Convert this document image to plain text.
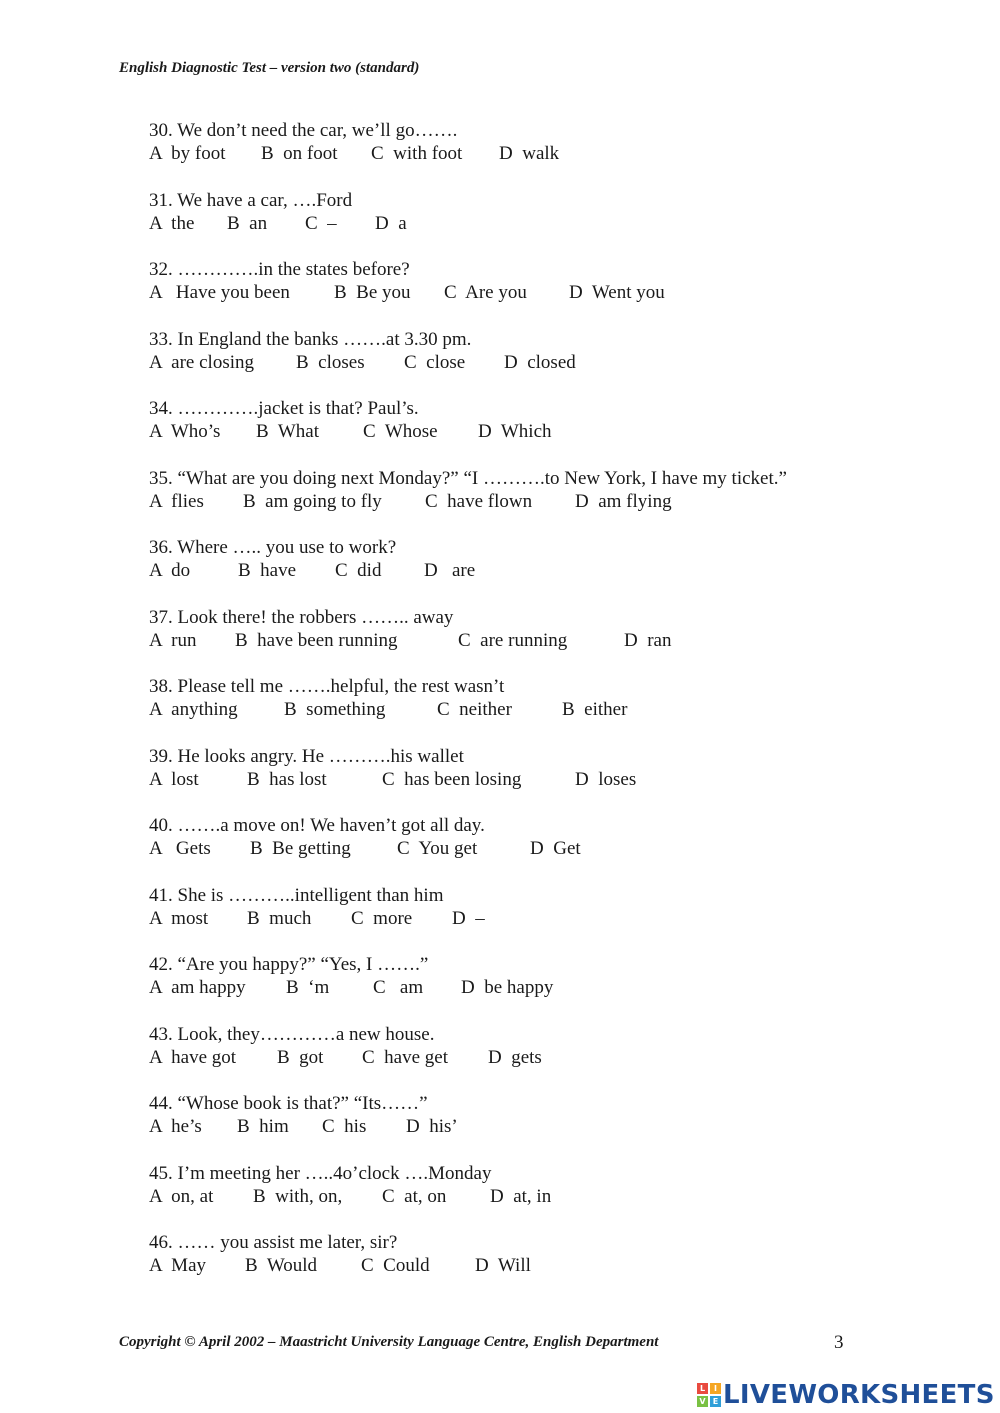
English Diagnostic Test – version two (standard)
30. We don’t need the car, we’ll go…….
A  by foot B  on foot C  with foot D  walk
31. We have a car, ….Ford
A  the B  an C  – D  a
32. ………….in the states before?
A   Have you been B  Be you C  Are you D  Went you
33. In England the banks …….at 3.30 pm.
A  are closing B  closes C  close D  closed
34. ………….jacket is that? Paul’s.
A  Who’s B  What C  Whose D  Which
35. “What are you doing next Monday?” “I ……….to New York, I have my ticket.”
A  flies B  am going to fly C  have flown D  am flying
36. Where ….. you use to work?
A  do	B  have C  did D   are
37. Look there! the robbers …….. away
A  run B  have been running	C  are running	D  ran
38. Please tell me …….helpful, the rest wasn’t
A  anything B  something	C  neither	B  either
39. He looks angry. He ……….his wallet
A  lost	B  has lost	C  has been losing	D  loses
40. …….a move on! We haven’t got all day.
A   Gets B  Be getting C  You get	D  Get
41. She is ………..intelligent than him
A  most B  much C  more D  –
42. “Are you happy?” “Yes, I …….”
A  am happy B  ‘m C   am D  be happy
43. Look, they…………a new house.
A  have got B  got C  have get D  gets
44. “Whose book is that?” “Its……”
A  he’s B  him C  his D  his’
45. I’m meeting her …..4o’clock ….Monday
A  on, at B  with, on, C  at, on D  at, in
46. …… you assist me later, sir?
A  May B  Would C  Could D  Will
Copyright © April 2002 – Maastricht University Language Centre, English Department	3
L	I
V E LIVEWORKSHEETS
